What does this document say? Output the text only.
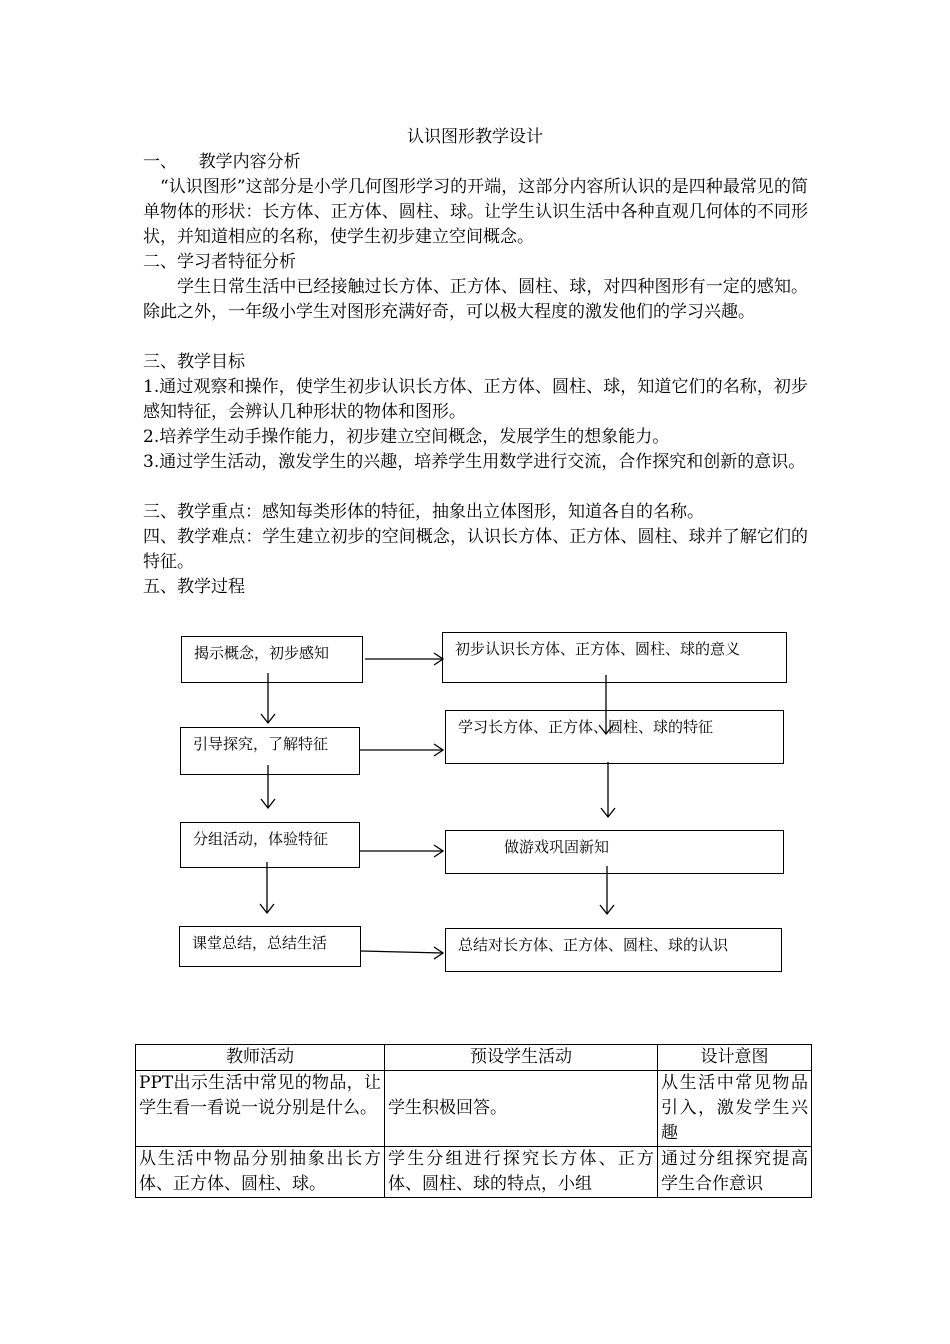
认识图形教学设计
一、    教学内容分析
“认识图形”这部分是小学几何图形学习的开端，这部分内容所认识的是四种最常见的简单物体的形状：长方体、正方体、圆柱、球。让学生认识生活中各种直观几何体的不同形状，并知道相应的名称，使学生初步建立空间概念。
二、学习者特征分析
学生日常生活中已经接触过长方体、正方体、圆柱、球，对四种图形有一定的感知。除此之外，一年级小学生对图形充满好奇，可以极大程度的激发他们的学习兴趣。
三、教学目标
1.通过观察和操作，使学生初步认识长方体、正方体、圆柱、球，知道它们的名称，初步感知特征，会辨认几种形状的物体和图形。
2.培养学生动手操作能力，初步建立空间概念，发展学生的想象能力。
3.通过学生活动，激发学生的兴趣，培养学生用数学进行交流，合作探究和创新的意识。
三、教学重点：感知每类形体的特征，抽象出立体图形，知道各自的名称。
四、教学难点：学生建立初步的空间概念，认识长方体、正方体、圆柱、球并了解它们的特征。
五、教学过程
揭示概念，初步感知
引导探究，了解特征
分组活动，体验特征
课堂总结，总结生活
初步认识长方体、正方体、圆柱、球的意义
学习长方体、正方体、圆柱、球的特征
做游戏巩固新知
总结对长方体、正方体、圆柱、球的认识
教师活动	预设学生活动	设计意图
PPT出示生活中常见的物品，让学生看一看说一说分别是什么。	学生积极回答。	从生活中常见物品引入，激发学生兴趣
从生活中物品分别抽象出长方体、正方体、圆柱、球。	学生分组进行探究长方体、正方体、圆柱、球的特点，小组	通过分组探究提高学生合作意识
